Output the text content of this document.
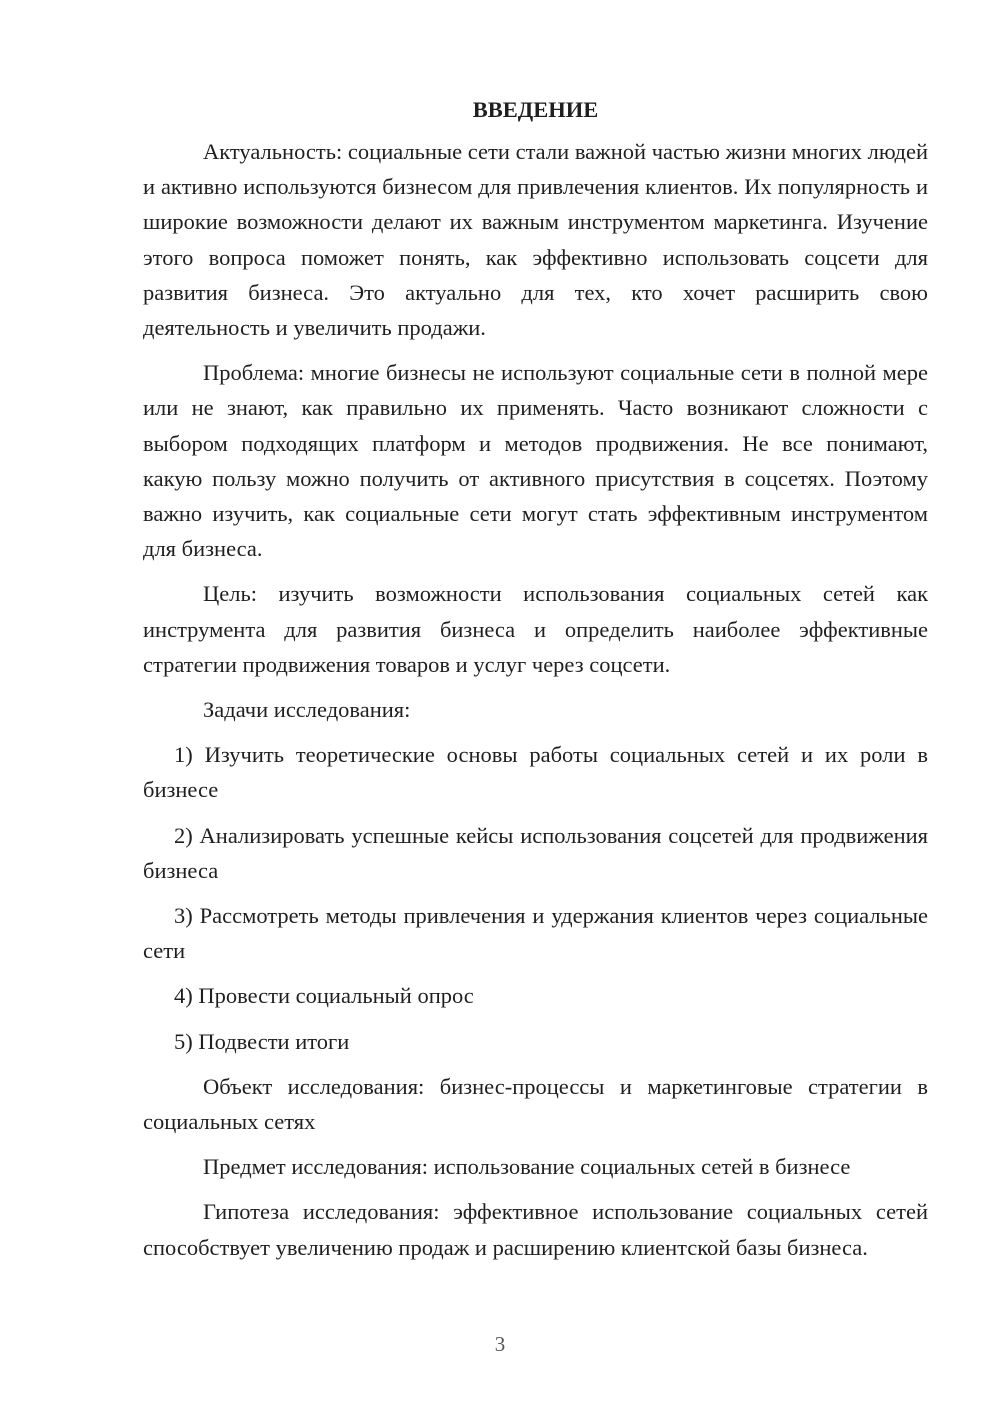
ВВЕДЕНИЕ

Актуальность: социальные сети стали важной частью жизни многих людей и активно используются бизнесом для привлечения клиентов. Их популярность и широкие возможности делают их важным инструментом маркетинга. Изучение этого вопроса поможет понять, как эффективно использовать соцсети для развития бизнеса. Это актуально для тех, кто хочет расширить свою деятельность и увеличить продажи.

Проблема: многие бизнесы не используют социальные сети в полной мере или не знают, как правильно их применять. Часто возникают сложности с выбором подходящих платформ и методов продвижения. Не все понимают, какую пользу можно получить от активного присутствия в соцсетях. Поэтому важно изучить, как социальные сети могут стать эффективным инструментом для бизнеса.

Цель: изучить возможности использования социальных сетей как инструмента для развития бизнеса и определить наиболее эффективные стратегии продвижения товаров и услуг через соцсети.

Задачи исследования:

1) Изучить теоретические основы работы социальных сетей и их роли в бизнесе

2) Анализировать успешные кейсы использования соцсетей для продвижения бизнеса

3) Рассмотреть методы привлечения и удержания клиентов через социальные сети

4) Провести социальный опрос

5) Подвести итоги

Объект исследования: бизнес-процессы и маркетинговые стратегии в социальных сетях

Предмет исследования: использование социальных сетей в бизнесе

Гипотеза исследования: эффективное использование социальных сетей способствует увеличению продаж и расширению клиентской базы бизнеса.

3
